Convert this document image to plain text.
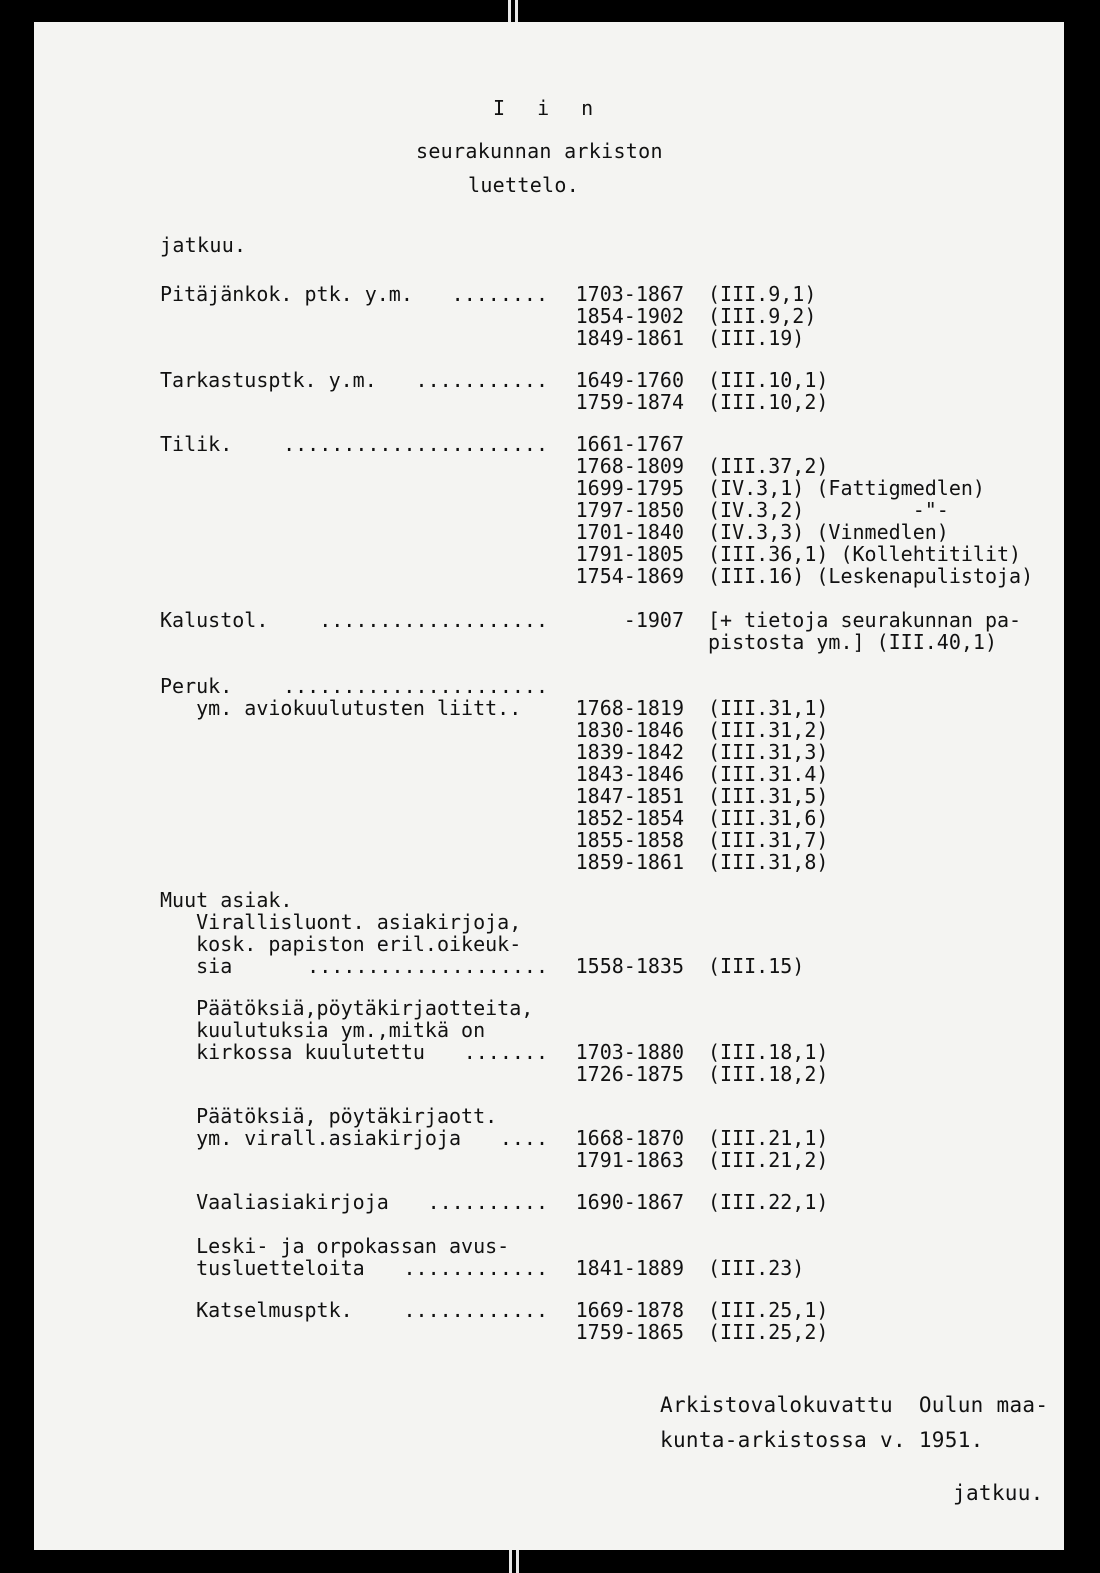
I i n
seurakunnan arkiston
luettelo.
jatkuu.
Pitäjänkok. ptk. y.m. ........ 1703-1867 (III.9,1)
1854-1902 (III.9,2)
1849-1861 (III.19)
Tarkastusptk. y.m. ........... 1649-1760 (III.10,1)
1759-1874 (III.10,2)
Tilik.	...................... 1661-1767
1768-1809 (III.37,2)
1699-1795 (IV.3,1) (Fattigmedlen)
1797-1850 (IV.3,2)         -"-
1701-1840 (IV.3,3) (Vinmedlen)
1791-1805 (III.36,1) (Kollehtitilit)
1754-1869 (III.16) (Leskenapulistoja)
Kalustol.	...................	-1907 [+ tietoja seurakunnan pa-
pistosta ym.] (III.40,1)
Peruk.	......................
ym. aviokuulutusten liitt..	1768-1819 (III.31,1)
1830-1846 (III.31,2)
1839-1842 (III.31,3)
1843-1846 (III.31.4)
1847-1851 (III.31,5)
1852-1854 (III.31,6)
1855-1858 (III.31,7)
1859-1861 (III.31,8)
Muut asiak.
Virallisluont. asiakirjoja,
kosk. papiston eril.oikeuk-
sia	.................... 1558-1835 (III.15)
Päätöksiä,pöytäkirjaotteita,
kuulutuksia ym.,mitkä on
kirkossa kuulutettu ....... 1703-1880 (III.18,1)
1726-1875 (III.18,2)
Päätöksiä, pöytäkirjaott.
ym. virall.asiakirjoja .... 1668-1870 (III.21,1)
1791-1863 (III.21,2)
Vaaliasiakirjoja .......... 1690-1867 (III.22,1)
Leski- ja orpokassan avus-
tusluetteloita ............ 1841-1889 (III.23)
Katselmusptk.	............ 1669-1878 (III.25,1)
1759-1865 (III.25,2)
Arkistovalokuvattu  Oulun maa-
kunta-arkistossa v. 1951.
jatkuu.
